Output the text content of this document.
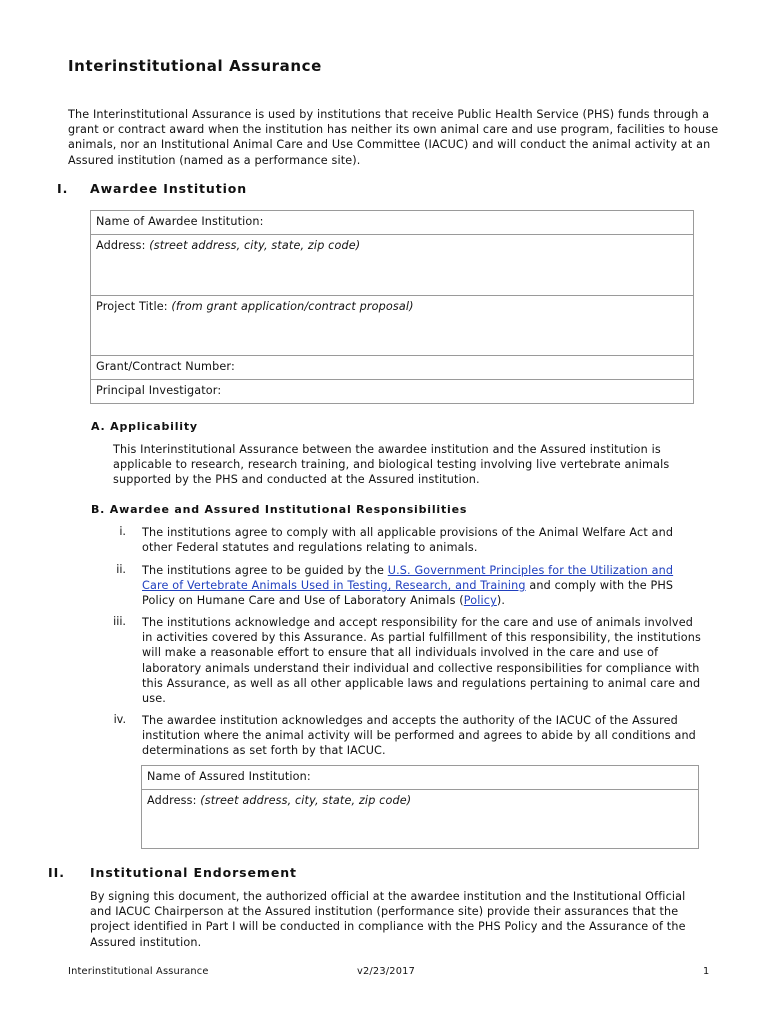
Interinstitutional Assurance
The Interinstitutional Assurance is used by institutions that receive Public Health Service (PHS) funds through a grant or contract award when the institution has neither its own animal care and use program, facilities to house animals, nor an Institutional Animal Care and Use Committee (IACUC) and will conduct the animal activity at an Assured institution (named as a performance site).
I. Awardee Institution
Name of Awardee Institution:
Address: (street address, city, state, zip code)
Project Title: (from grant application/contract proposal)
Grant/Contract Number:
Principal Investigator:
A. Applicability
This Interinstitutional Assurance between the awardee institution and the Assured institution is applicable to research, research training, and biological testing involving live vertebrate animals supported by the PHS and conducted at the Assured institution.
B. Awardee and Assured Institutional Responsibilities
i. The institutions agree to comply with all applicable provisions of the Animal Welfare Act and other Federal statutes and regulations relating to animals.
ii. The institutions agree to be guided by the U.S. Government Principles for the Utilization and Care of Vertebrate Animals Used in Testing, Research, and Training and comply with the PHS Policy on Humane Care and Use of Laboratory Animals (Policy).
iii. The institutions acknowledge and accept responsibility for the care and use of animals involved in activities covered by this Assurance. As partial fulfillment of this responsibility, the institutions will make a reasonable effort to ensure that all individuals involved in the care and use of laboratory animals understand their individual and collective responsibilities for compliance with this Assurance, as well as all other applicable laws and regulations pertaining to animal care and use.
iv. The awardee institution acknowledges and accepts the authority of the IACUC of the Assured institution where the animal activity will be performed and agrees to abide by all conditions and determinations as set forth by that IACUC.
Name of Assured Institution:
Address: (street address, city, state, zip code)
II. Institutional Endorsement
By signing this document, the authorized official at the awardee institution and the Institutional Official and IACUC Chairperson at the Assured institution (performance site) provide their assurances that the project identified in Part I will be conducted in compliance with the PHS Policy and the Assurance of the Assured institution.
Interinstitutional Assurance	v2/23/2017	1
